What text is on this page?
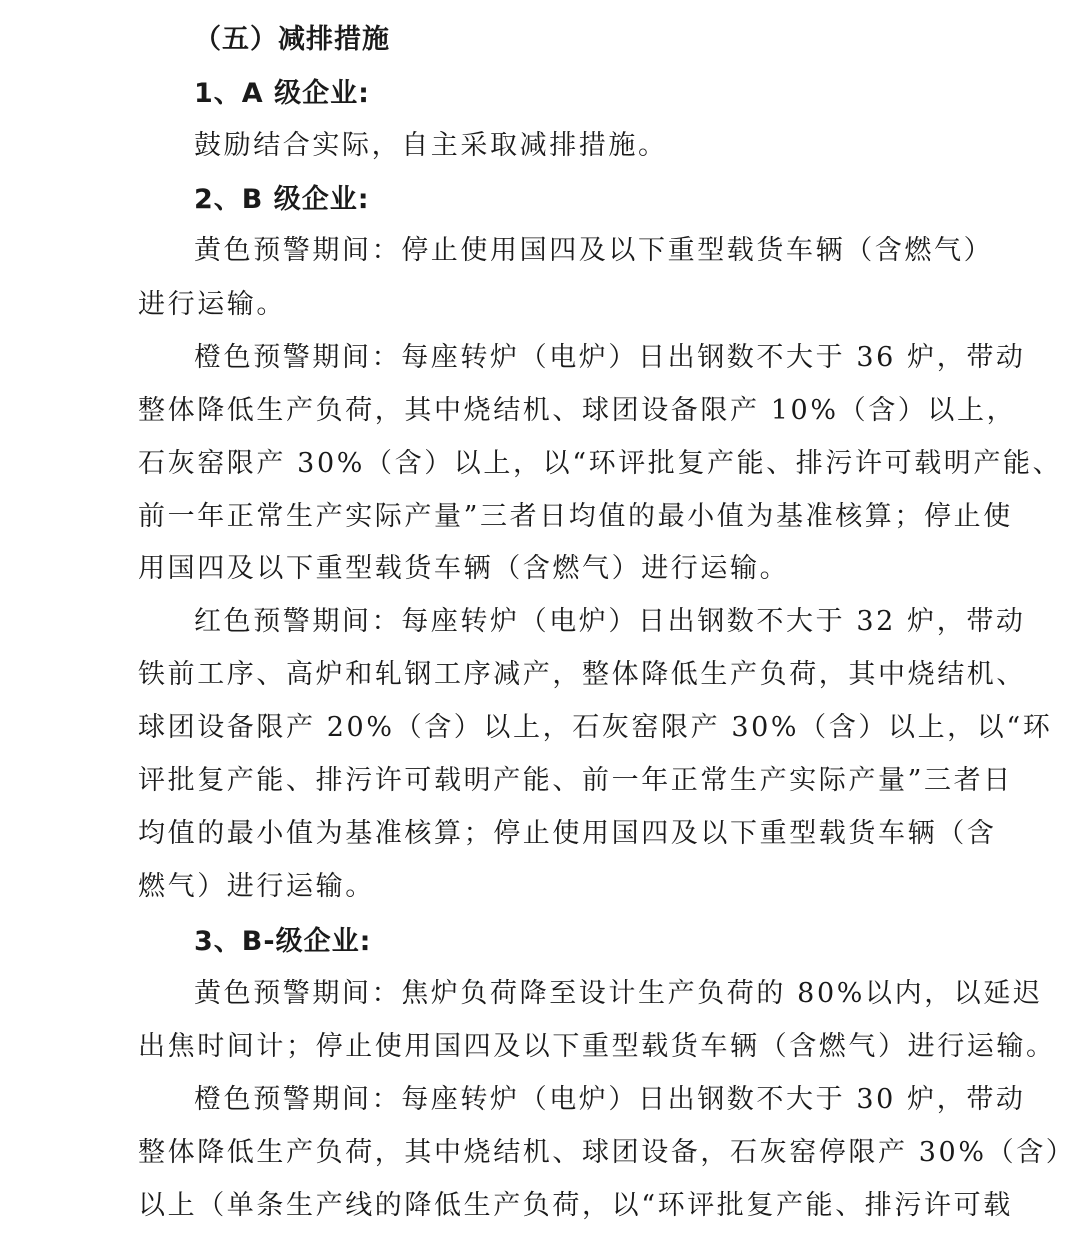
（五）减排措施
1、A 级企业:
鼓励结合实际，自主采取减排措施。
2、B 级企业:
黄色预警期间：停止使用国四及以下重型载货车辆（含燃气）
进行运输。
橙色预警期间：每座转炉（电炉）日出钢数不大于 36 炉，带动
整体降低生产负荷，其中烧结机、球团设备限产 10%（含）以上，
石灰窑限产 30%（含）以上，以“环评批复产能、排污许可载明产能、
前一年正常生产实际产量”三者日均值的最小值为基准核算；停止使
用国四及以下重型载货车辆（含燃气）进行运输。
红色预警期间：每座转炉（电炉）日出钢数不大于 32 炉，带动
铁前工序、高炉和轧钢工序减产，整体降低生产负荷，其中烧结机、
球团设备限产 20%（含）以上，石灰窑限产 30%（含）以上，以“环
评批复产能、排污许可载明产能、前一年正常生产实际产量”三者日
均值的最小值为基准核算；停止使用国四及以下重型载货车辆（含
燃气）进行运输。
3、B-级企业:
黄色预警期间：焦炉负荷降至设计生产负荷的 80%以内，以延迟
出焦时间计；停止使用国四及以下重型载货车辆（含燃气）进行运输。
橙色预警期间：每座转炉（电炉）日出钢数不大于 30 炉，带动
整体降低生产负荷，其中烧结机、球团设备，石灰窑停限产 30%（含）
以上（单条生产线的降低生产负荷，以“环评批复产能、排污许可载
